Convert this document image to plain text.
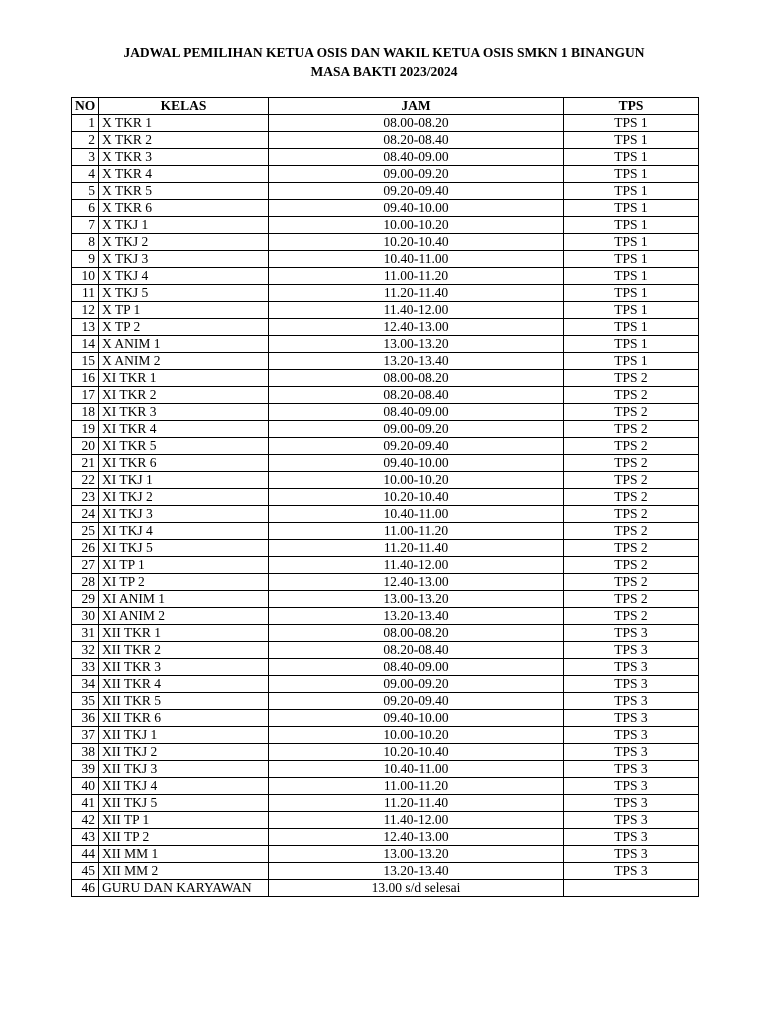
JADWAL PEMILIHAN KETUA OSIS DAN WAKIL KETUA OSIS SMKN 1 BINANGUN
MASA BAKTI 2023/2024
NO	KELAS	JAM	TPS
1	X TKR 1	08.00-08.20	TPS 1
2	X TKR 2	08.20-08.40	TPS 1
3	X TKR 3	08.40-09.00	TPS 1
4	X TKR 4	09.00-09.20	TPS 1
5	X TKR 5	09.20-09.40	TPS 1
6	X TKR 6	09.40-10.00	TPS 1
7	X TKJ 1	10.00-10.20	TPS 1
8	X TKJ 2	10.20-10.40	TPS 1
9	X TKJ 3	10.40-11.00	TPS 1
10	X TKJ 4	11.00-11.20	TPS 1
11	X TKJ 5	11.20-11.40	TPS 1
12	X TP 1	11.40-12.00	TPS 1
13	X TP 2	12.40-13.00	TPS 1
14	X ANIM 1	13.00-13.20	TPS 1
15	X ANIM 2	13.20-13.40	TPS 1
16	XI TKR 1	08.00-08.20	TPS 2
17	XI TKR 2	08.20-08.40	TPS 2
18	XI TKR 3	08.40-09.00	TPS 2
19	XI TKR 4	09.00-09.20	TPS 2
20	XI TKR 5	09.20-09.40	TPS 2
21	XI TKR 6	09.40-10.00	TPS 2
22	XI TKJ 1	10.00-10.20	TPS 2
23	XI TKJ 2	10.20-10.40	TPS 2
24	XI TKJ 3	10.40-11.00	TPS 2
25	XI TKJ 4	11.00-11.20	TPS 2
26	XI TKJ 5	11.20-11.40	TPS 2
27	XI TP 1	11.40-12.00	TPS 2
28	XI TP 2	12.40-13.00	TPS 2
29	XI ANIM 1	13.00-13.20	TPS 2
30	XI ANIM 2	13.20-13.40	TPS 2
31	XII TKR 1	08.00-08.20	TPS 3
32	XII TKR 2	08.20-08.40	TPS 3
33	XII TKR 3	08.40-09.00	TPS 3
34	XII TKR 4	09.00-09.20	TPS 3
35	XII TKR 5	09.20-09.40	TPS 3
36	XII TKR 6	09.40-10.00	TPS 3
37	XII TKJ 1	10.00-10.20	TPS 3
38	XII TKJ 2	10.20-10.40	TPS 3
39	XII TKJ 3	10.40-11.00	TPS 3
40	XII TKJ 4	11.00-11.20	TPS 3
41	XII TKJ 5	11.20-11.40	TPS 3
42	XII TP 1	11.40-12.00	TPS 3
43	XII TP 2	12.40-13.00	TPS 3
44	XII MM 1	13.00-13.20	TPS 3
45	XII MM 2	13.20-13.40	TPS 3
46	GURU DAN KARYAWAN	13.00 s/d selesai	
